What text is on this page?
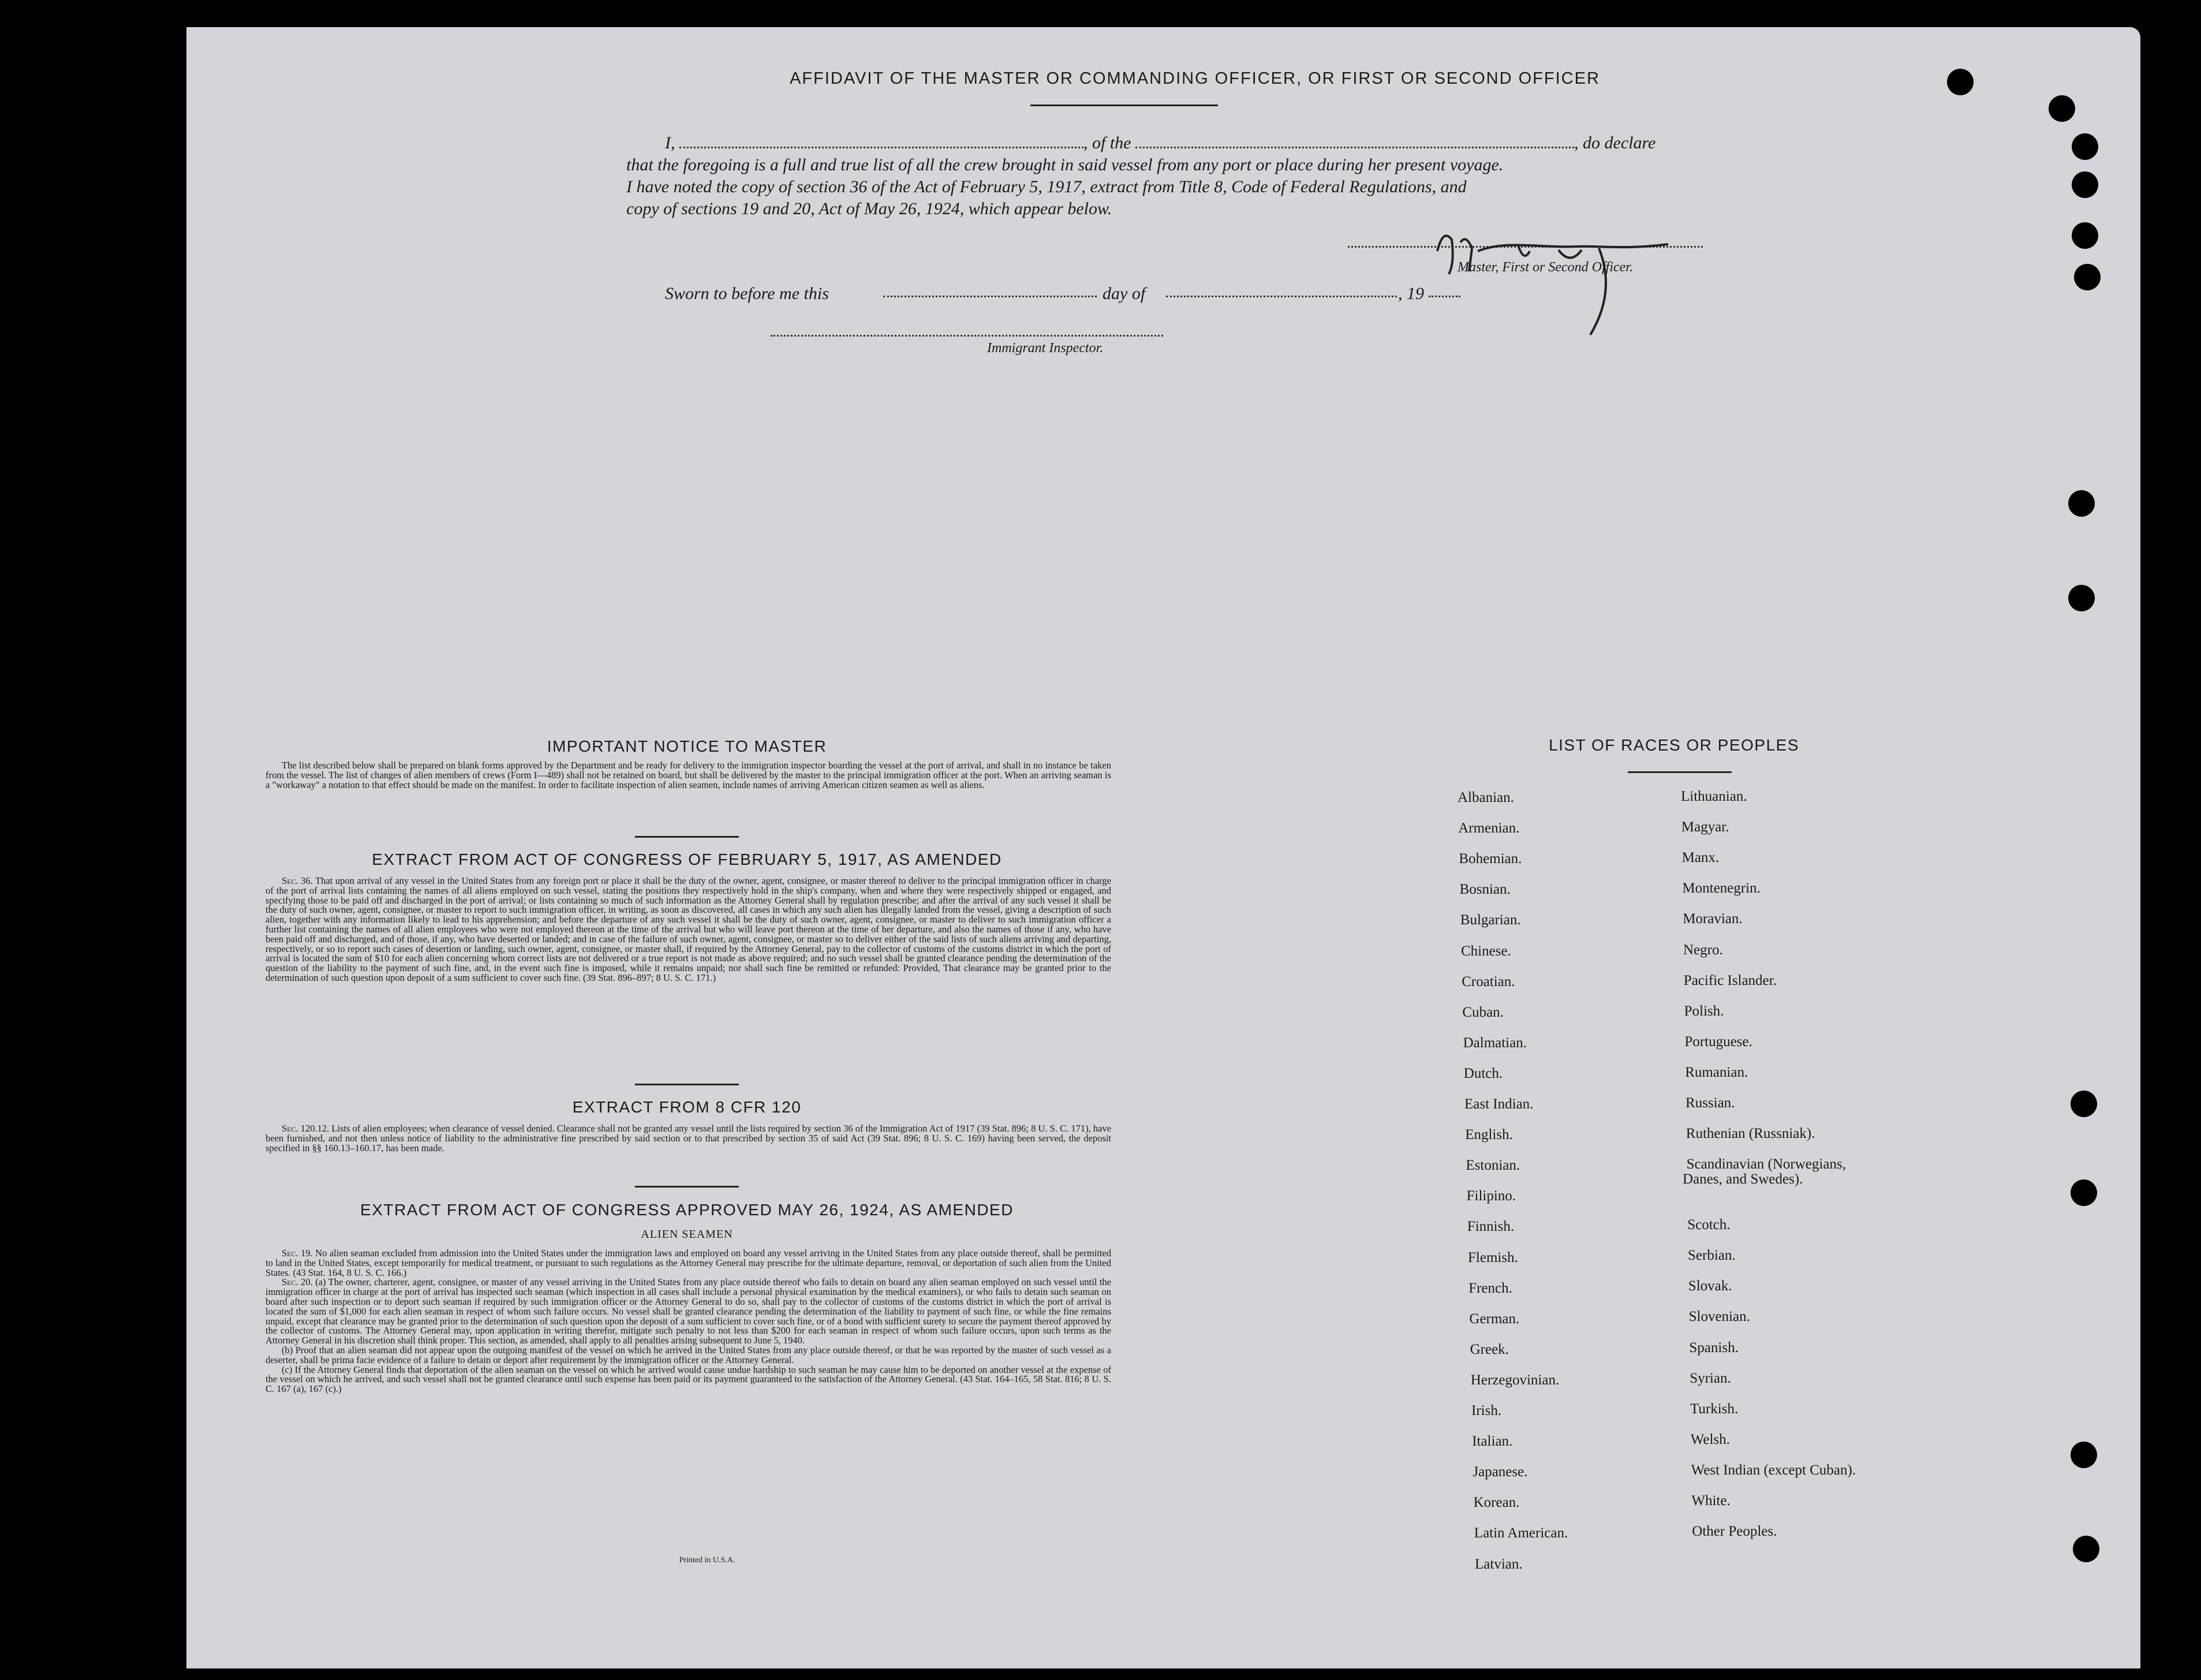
AFFIDAVIT OF THE MASTER OR COMMANDING OFFICER, OR FIRST OR SECOND OFFICER
I,	, of the	, do declare
that the foregoing is a full and true list of all the crew brought in said vessel from any port or place during her present voyage.
I have noted the copy of section 36 of the Act of February 5, 1917, extract from Title 8, Code of Federal Regulations, and
copy of sections 19 and 20, Act of May 26, 1924, which appear below.
Master, First or Second Officer.
Sworn to before me this	day of	, 19
Immigrant Inspector.
IMPORTANT NOTICE TO MASTER
The list described below shall be prepared on blank forms approved by the Department and be ready for delivery to the immigration inspector boarding the vessel at the port of arrival, and shall in no instance be taken from the vessel. The list of changes of alien members of crews (Form I—489) shall not be retained on board, but shall be delivered by the master to the principal immigration officer at the port. When an arriving seaman is a "workaway" a notation to that effect should be made on the manifest. In order to facilitate inspection of alien seamen, include names of arriving American citizen seamen as well as aliens.
EXTRACT FROM ACT OF CONGRESS OF FEBRUARY 5, 1917, AS AMENDED
Sec. 36. That upon arrival of any vessel in the United States from any foreign port or place it shall be the duty of the owner, agent, consignee, or master thereof to deliver to the principal immigration officer in charge of the port of arrival lists containing the names of all aliens employed on such vessel, stating the positions they respectively hold in the ship's company, when and where they were respectively shipped or engaged, and specifying those to be paid off and discharged in the port of arrival; or lists containing so much of such information as the Attorney General shall by regulation prescribe; and after the arrival of any such vessel it shall be the duty of such owner, agent, consignee, or master to report to such immigration officer, in writing, as soon as discovered, all cases in which any such alien has illegally landed from the vessel, giving a description of such alien, together with any information likely to lead to his apprehension; and before the departure of any such vessel it shall be the duty of such owner, agent, consignee, or master to deliver to such immigration officer a further list containing the names of all alien employees who were not employed thereon at the time of the arrival but who will leave port thereon at the time of her departure, and also the names of those if any, who have been paid off and discharged, and of those, if any, who have deserted or landed; and in case of the failure of such owner, agent, consignee, or master so to deliver either of the said lists of such aliens arriving and departing, respectively, or so to report such cases of desertion or landing, such owner, agent, consignee, or master shall, if required by the Attorney General, pay to the collector of customs of the customs district in which the port of arrival is located the sum of $10 for each alien concerning whom correct lists are not delivered or a true report is not made as above required; and no such vessel shall be granted clearance pending the determination of the question of the liability to the payment of such fine, and, in the event such fine is imposed, while it remains unpaid; nor shall such fine be remitted or refunded: Provided, That clearance may be granted prior to the determination of such question upon deposit of a sum sufficient to cover such fine. (39 Stat. 896–897; 8 U. S. C. 171.)
EXTRACT FROM 8 CFR 120
Sec. 120.12. Lists of alien employees; when clearance of vessel denied. Clearance shall not be granted any vessel until the lists required by section 36 of the Immigration Act of 1917 (39 Stat. 896; 8 U. S. C. 171), have been furnished, and not then unless notice of liability to the administrative fine prescribed by said section or to that prescribed by section 35 of said Act (39 Stat. 896; 8 U. S. C. 169) having been served, the deposit specified in §§ 160.13–160.17, has been made.
EXTRACT FROM ACT OF CONGRESS APPROVED MAY 26, 1924, AS AMENDED
ALIEN SEAMEN
Sec. 19. No alien seaman excluded from admission into the United States under the immigration laws and employed on board any vessel arriving in the United States from any place outside thereof, shall be permitted to land in the United States, except temporarily for medical treatment, or pursuant to such regulations as the Attorney General may prescribe for the ultimate departure, removal, or deportation of such alien from the United States. (43 Stat. 164, 8 U. S. C. 166.)
Sec. 20. (a) The owner, charterer, agent, consignee, or master of any vessel arriving in the United States from any place outside thereof who fails to detain on board any alien seaman employed on such vessel until the immigration officer in charge at the port of arrival has inspected such seaman (which inspection in all cases shall include a personal physical examination by the medical examiners), or who fails to detain such seaman on board after such inspection or to deport such seaman if required by such immigration officer or the Attorney General to do so, shall pay to the collector of customs of the customs district in which the port of arrival is located the sum of $1,000 for each alien seaman in respect of whom such failure occurs. No vessel shall be granted clearance pending the determination of the liability to payment of such fine, or while the fine remains unpaid, except that clearance may be granted prior to the determination of such question upon the deposit of a sum sufficient to cover such fine, or of a bond with sufficient surety to secure the payment thereof approved by the collector of customs. The Attorney General may, upon application in writing therefor, mitigate such penalty to not less than $200 for each seaman in respect of whom such failure occurs, upon such terms as the Attorney General in his discretion shall think proper. This section, as amended, shall apply to all penalties arising subsequent to June 5, 1940.
(b) Proof that an alien seaman did not appear upon the outgoing manifest of the vessel on which he arrived in the United States from any place outside thereof, or that he was reported by the master of such vessel as a deserter, shall be prima facie evidence of a failure to detain or deport after requirement by the immigration officer or the Attorney General.
(c) If the Attorney General finds that deportation of the alien seaman on the vessel on which he arrived would cause undue hardship to such seaman he may cause him to be deported on another vessel at the expense of the vessel on which he arrived, and such vessel shall not be granted clearance until such expense has been paid or its payment guaranteed to the satisfaction of the Attorney General. (43 Stat. 164–165, 58 Stat. 816; 8 U. S. C. 167 (a), 167 (c).)
Printed in U.S.A.
LIST OF RACES OR PEOPLES
Albanian.
Armenian.
Bohemian.
Bosnian.
Bulgarian.
Chinese.
Croatian.
Cuban.
Dalmatian.
Dutch.
East Indian.
English.
Estonian.
Filipino.
Finnish.
Flemish.
French.
German.
Greek.
Herzegovinian.
Irish.
Italian.
Japanese.
Korean.
Latin American.
Latvian.
Lithuanian.
Magyar.
Manx.
Montenegrin.
Moravian.
Negro.
Pacific Islander.
Polish.
Portuguese.
Rumanian.
Russian.
Ruthenian (Russniak).
Scandinavian (Norwegians,
Danes, and Swedes).
Scotch.
Serbian.
Slovak.
Slovenian.
Spanish.
Syrian.
Turkish.
Welsh.
West Indian (except Cuban).
White.
Other Peoples.
